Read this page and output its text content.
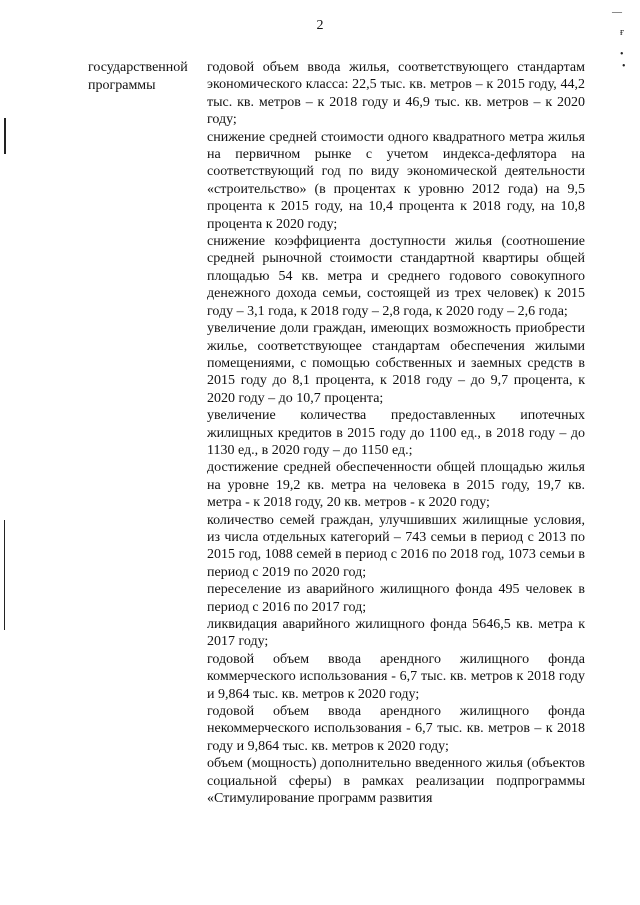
2
государственной
программы

годовой объем ввода жилья, соответствующего стандартам экономического класса: 22,5 тыс. кв. метров – к 2015 году, 44,2 тыс. кв. метров – к 2018 году и 46,9 тыс. кв. метров – к 2020 году;

снижение средней стоимости одного квадратного метра жилья на первичном рынке с учетом индекса-дефлятора на соответствующий год по виду экономической деятельности «строительство» (в процентах к уровню 2012 года) на 9,5 процента к 2015 году, на 10,4 процента к 2018 году, на 10,8 процента к 2020 году;

снижение коэффициента доступности жилья (соотношение средней рыночной стоимости стандартной квартиры общей площадью 54 кв. метра и среднего годового совокупного денежного дохода семьи, состоящей из трех человек) к 2015 году – 3,1 года, к 2018 году – 2,8 года, к 2020 году – 2,6 года;

увеличение доли граждан, имеющих возможность приобрести жилье, соответствующее стандартам обеспечения жилыми помещениями, с помощью собственных и заемных средств в 2015 году до 8,1 процента, к 2018 году – до 9,7 процента, к 2020 году – до 10,7 процента;

увеличение количества предоставленных ипотечных жилищных кредитов в 2015 году до 1100 ед., в 2018 году – до 1130 ед., в 2020 году – до 1150 ед.;

достижение средней обеспеченности общей площадью жилья на уровне 19,2 кв. метра на человека в 2015 году, 19,7 кв. метра - к 2018 году, 20 кв. метров - к 2020 году;

количество семей граждан, улучшивших жилищные условия, из числа отдельных категорий – 743 семьи в период с 2013 по 2015 год, 1088 семей в период с 2016 по 2018 год, 1073 семьи в период с 2019 по 2020 год;

переселение из аварийного жилищного фонда 495 человек в период с 2016 по 2017 год;

ликвидация аварийного жилищного фонда 5646,5 кв. метра к 2017 году;

годовой объем ввода арендного жилищного фонда коммерческого использования - 6,7 тыс. кв. метров к 2018 году и 9,864 тыс. кв. метров к 2020 году;

годовой объем ввода арендного жилищного фонда некоммерческого использования - 6,7 тыс. кв. метров – к 2018 году и 9,864 тыс. кв. метров к 2020 году;

объем (мощность) дополнительно введенного жилья (объектов социальной сферы) в рамках реализации подпрограммы «Стимулирование программ развития

—
ғ
•
•
